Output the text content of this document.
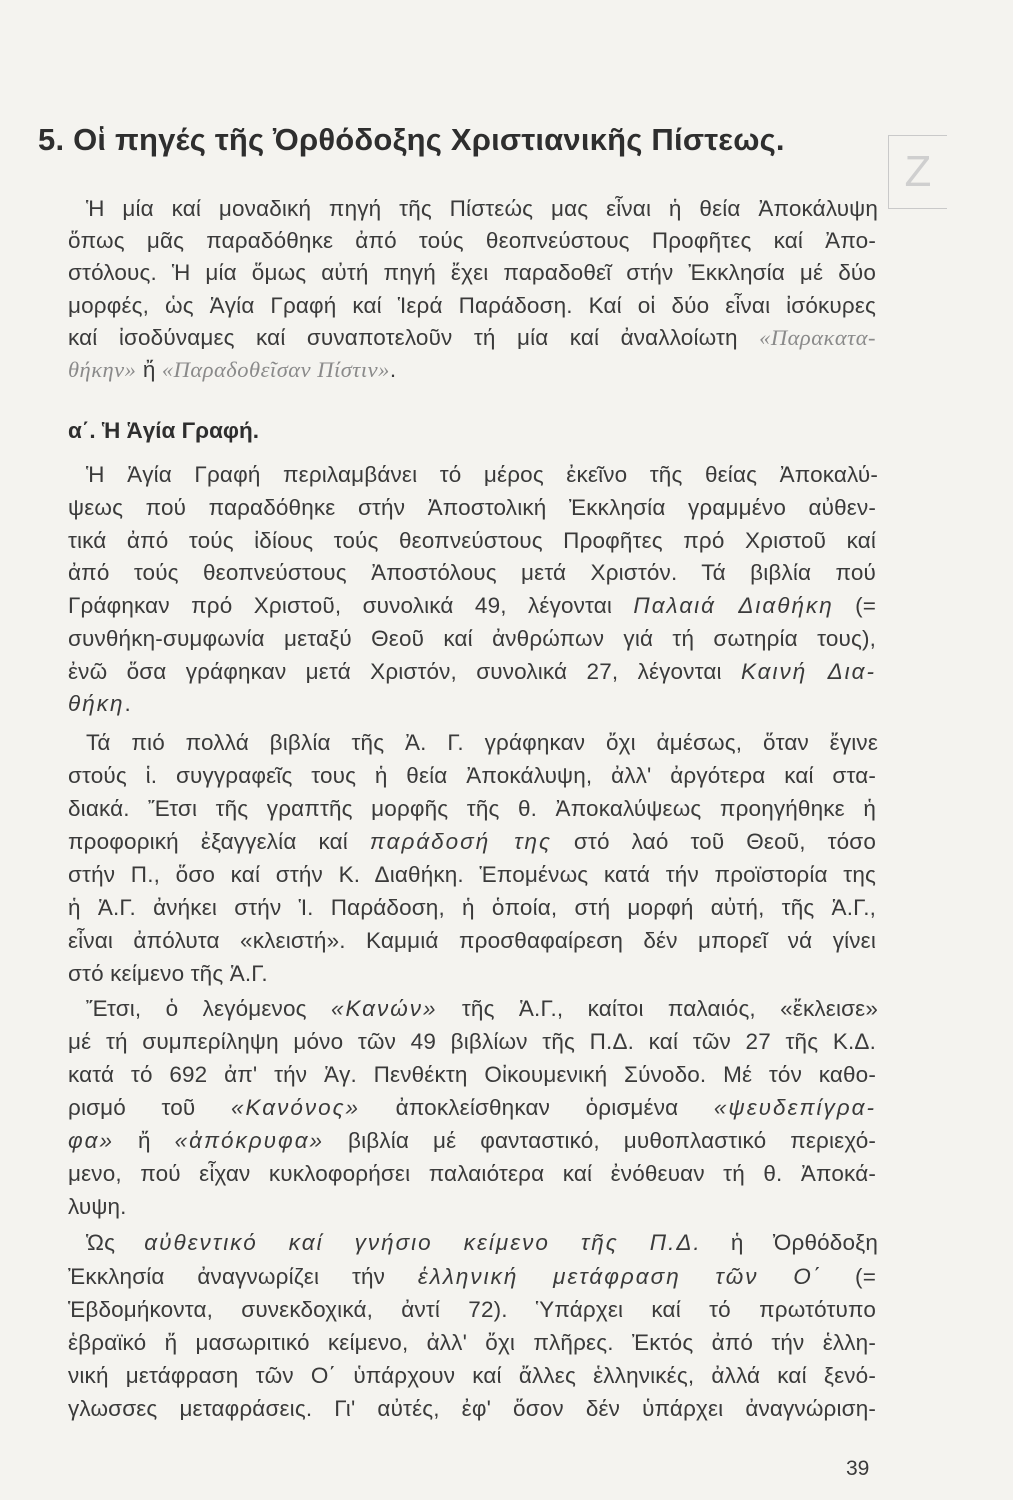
5. Οἱ πηγές τῆς Ὀρθόδοξης Χριστιανικῆς Πίστεως.
Z
Ἡ μία καί μοναδική πηγή τῆς Πίστεώς μας εἶναι ἡ θεία Ἀποκάλυψη
ὅπως μᾶς παραδόθηκε ἀπό τούς θεοπνεύστους Προφῆτες καί Ἀπο-
στόλους. Ἡ μία ὅμως αὐτή πηγή ἔχει παραδοθεῖ στήν Ἐκκλησία μέ δύο
μορφές, ὡς Ἁγία Γραφή καί Ἱερά Παράδοση. Καί οἱ δύο εἶναι ἰσόκυρες
καί ἰσοδύναμες καί συναποτελοῦν τή μία καί ἀναλλοίωτη «Παρακατα-
θήκην» ἤ «Παραδοθεῖσαν Πίστιν».
α΄. Ἡ Ἁγία Γραφή.
Ἡ Ἁγία Γραφή περιλαμβάνει τό μέρος ἐκεῖνο τῆς θείας Ἀποκαλύ-
ψεως πού παραδόθηκε στήν Ἀποστολική Ἐκκλησία γραμμένο αὐθεν-
τικά ἀπό τούς ἰδίους τούς θεοπνεύστους Προφῆτες πρό Χριστοῦ καί
ἀπό τούς θεοπνεύστους Ἀποστόλους μετά Χριστόν. Τά βιβλία πού
Γράφηκαν πρό Χριστοῦ, συνολικά 49, λέγονται Παλαιά Διαθήκη (=
συνθήκη-συμφωνία μεταξύ Θεοῦ καί ἀνθρώπων γιά τή σωτηρία τους),
ἐνῶ ὅσα γράφηκαν μετά Χριστόν, συνολικά 27, λέγονται Καινή Δια-
θήκη.
Τά πιό πολλά βιβλία τῆς Ἀ. Γ. γράφηκαν ὄχι ἀμέσως, ὅταν ἔγινε
στούς ἱ. συγγραφεῖς τους ἡ θεία Ἀποκάλυψη, ἀλλ' ἀργότερα καί στα-
διακά. Ἔτσι τῆς γραπτῆς μορφῆς τῆς θ. Ἀποκαλύψεως προηγήθηκε ἡ
προφορική ἐξαγγελία καί παράδοσή της στό λαό τοῦ Θεοῦ, τόσο
στήν Π., ὅσο καί στήν Κ. Διαθήκη. Ἑπομένως κατά τήν προϊστορία της
ἡ Ἁ.Γ. ἀνήκει στήν Ἱ. Παράδοση, ἡ ὁποία, στή μορφή αὐτή, τῆς Ἁ.Γ.,
εἶναι ἀπόλυτα «κλειστή». Καμμιά προσθαφαίρεση δέν μπορεῖ νά γίνει
στό κείμενο τῆς Ἁ.Γ.
Ἔτσι, ὁ λεγόμενος «Κανών» τῆς Ἁ.Γ., καίτοι παλαιός, «ἔκλεισε»
μέ τή συμπερίληψη μόνο τῶν 49 βιβλίων τῆς Π.Δ. καί τῶν 27 τῆς Κ.Δ.
κατά τό 692 ἀπ' τήν Ἁγ. Πενθέκτη Οἰκουμενική Σύνοδο. Μέ τόν καθο-
ρισμό τοῦ «Κανόνος» ἀποκλείσθηκαν ὁρισμένα «ψευδεπίγρα-
φα» ἤ «ἀπόκρυφα» βιβλία μέ φανταστικό, μυθοπλαστικό περιεχό-
μενο, πού εἶχαν κυκλοφορήσει παλαιότερα καί ἐνόθευαν τή θ. Ἀποκά-
λυψη.
Ὡς αὐθεντικό καί γνήσιο κείμενο τῆς Π.Δ. ἡ Ὀρθόδοξη
Ἐκκλησία ἀναγνωρίζει τήν ἑλληνική μετάφραση τῶν Ο΄ (=
Ἑβδομήκοντα, συνεκδοχικά, ἀντί 72). Ὑπάρχει καί τό πρωτότυπο
ἑβραϊκό ἤ μασωριτικό κείμενο, ἀλλ' ὄχι πλῆρες. Ἐκτός ἀπό τήν ἑλλη-
νική μετάφραση τῶν Ο΄ ὑπάρχουν καί ἄλλες ἑλληνικές, ἀλλά καί ξενό-
γλωσσες μεταφράσεις. Γι' αὐτές, ἐφ' ὅσον δέν ὑπάρχει ἀναγνώριση-
39
